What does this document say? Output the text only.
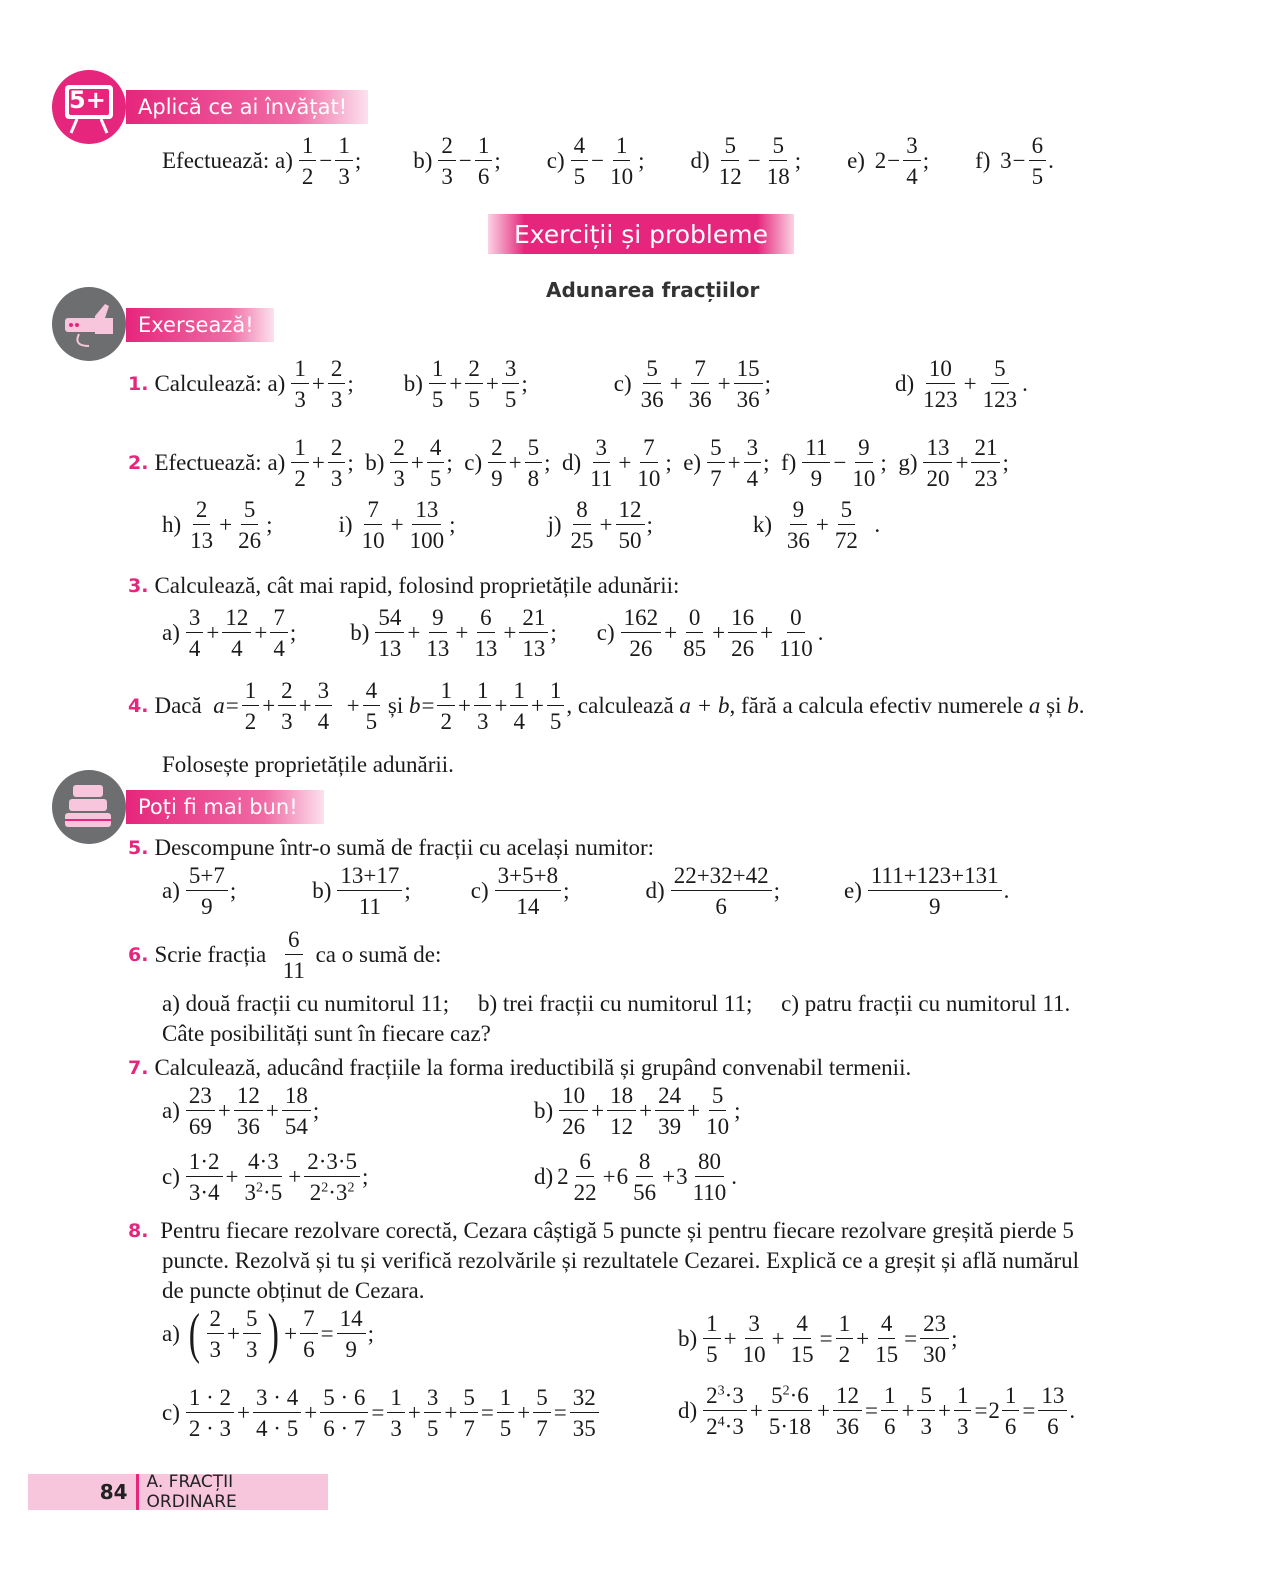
5+ Aplică ce ai învățat!
Efectuează:
$a) \frac{1}{2} - \frac{1}{3}$ ; $b) \frac{2}{3} - \frac{1}{6}$ ; $c) \frac{4}{5} - \frac{1}{10}$ ; $d) \frac{5}{12} - \frac{5}{18}$ ; e) $2 - \frac{3}{4}$ ; f) $3 - \frac{6}{5}$ .
Exerciții și probleme
Adunarea fracțiilor
Exersează!
1. Calculează:
$a) \frac{1}{3} + \frac{2}{3}$ ; $b) \frac{1}{5} + \frac{2}{5} + \frac{3}{5}$ ;	$c) \frac{5}{36} + \frac{7}{36} + \frac{15}{36}$ ;	$d) \frac{10}{123} + \frac{5}{123}$ .
2. Efectuează:
$a) \frac{1}{2} + \frac{2}{3}$ ; $b) \frac{2}{3} + \frac{4}{5}$ ; $c) \frac{2}{9} + \frac{5}{8}$ ; $d) \frac{3}{11} + \frac{7}{10}$ ; $e) \frac{5}{7} + \frac{3}{4}$ ; $f) \frac{11}{9} - \frac{9}{10}$ ; $g) \frac{13}{20} + \frac{21}{23}$ ;
$h) \frac{2}{13} + \frac{5}{26}$ ;	$i) \frac{7}{10} + \frac{13}{100}$ ;	$j) \frac{8}{25} + \frac{12}{50}$ ;	k)
$\frac{9}{36} + \frac{5}{72}$ .
3. Calculează, cât mai rapid, folosind proprietățile adunării:
$a) \frac{3}{4} + \frac{12}{4} + \frac{7}{4}$ ; $b) \frac{54}{13} + \frac{9}{13} + \frac{6}{13} + \frac{21}{13}$ ; $c) \frac{162}{26} + \frac{0}{85} + \frac{16}{26} + \frac{0}{110}$ .
4. Dacă
$a = \frac{1}{2} + \frac{2}{3} + \frac{3}{4}$
+ $\frac{4}{5}$
și
$b = \frac{1}{2} + \frac{1}{3} + \frac{1}{4} + \frac{1}{5}$ , calculează
a + b , fără a calcula efectiv numerele
a
și
b .
Folosește proprietățile adunării.
Poți fi mai bun!
5. Descompune într-o sumă de fracții cu același numitor:
$a) \frac{5+7}{9}$ ;	$b) \frac{13+17}{11}$ ;	$c) \frac{3+5+8}{14}$ ;	$d) \frac{22+32+42}{6}$ ;	$e) \frac{111+123+131}{9}$ .
6. Scrie fracția
$\frac{6}{11}$
ca o sumă de:
a) două fracții cu numitorul 11; b) trei fracții cu numitorul 11; c) patru fracții cu numitorul 11.
Câte posibilități sunt în fiecare caz?
7. Calculează, aducând fracțiile la forma ireductibilă și grupând convenabil termenii.
$a) \frac{23}{69} + \frac{12}{36} + \frac{18}{54}$ ;	$b) \frac{10}{26} + \frac{18}{12} + \frac{24}{39} + \frac{5}{10}$ ;
$c) \frac{1\cdot 2}{3\cdot 4} + \frac{4\cdot 3}{3^2\cdot 5} + \frac{2\cdot 3\cdot 5}{2^2\cdot 3^2}$ ;	d) $2 \frac{6}{22} + 6 \frac{8}{56} + 3 \frac{80}{110}$ .
8.
Pentru fiecare rezolvare corectă, Cezara câștigă 5 puncte și pentru fiecare rezolvare greșită pierde 5
puncte. Rezolvă și tu și verifică rezolvările și rezultatele Cezarei. Explică ce a greșit și află numărul
de puncte obținut de Cezara.
a) ( $\frac{2}{3} + \frac{5}{3}$ ) + $\frac{7}{6} = \frac{14}{9}$ ;	$b) \frac{1}{5} + \frac{3}{10} + \frac{4}{15} = \frac{1}{2} + \frac{4}{15} = \frac{23}{30}$ ;
$c) \frac{1 \cdot 2}{2 \cdot 3} + \frac{3 \cdot 4}{4 \cdot 5} + \frac{5 \cdot 6}{6 \cdot 7} = \frac{1}{3} + \frac{3}{5} + \frac{5}{7} = \frac{1}{5} + \frac{5}{7} = \frac{32}{35}$	$d) \frac{2^3\cdot 3}{2^4\cdot 3} + \frac{5^2\cdot 6}{5\cdot 18} + \frac{12}{36} = \frac{1}{6} + \frac{5}{3} + \frac{1}{3} = 2 \frac{1}{6} = \frac{13}{6}$ .
84	A. FRACȚII ORDINARE
